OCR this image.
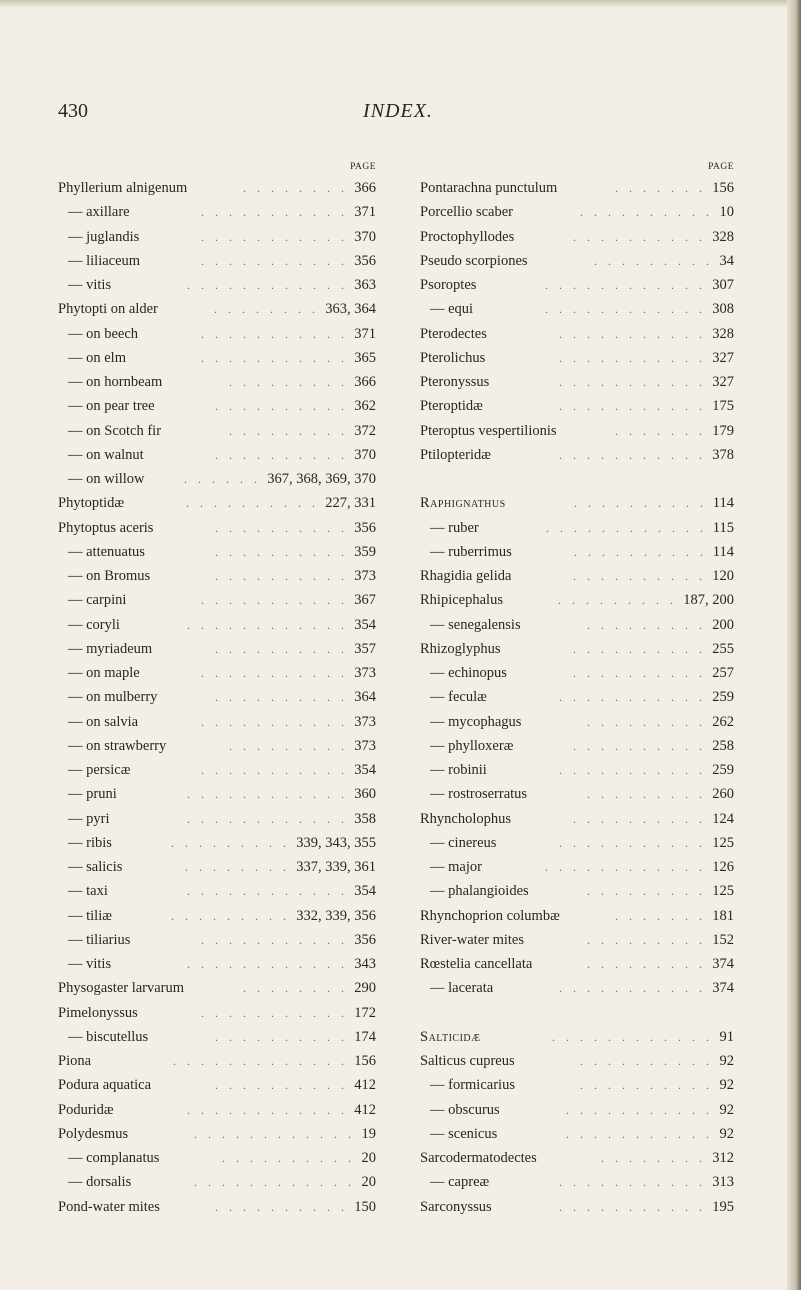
430	INDEX.
PAGE
Phyllerium alnigenum	. . . . . . . . 366
— axillare	. . . . . . . . . . . 371
— juglandis	. . . . . . . . . . . 370
— liliaceum	. . . . . . . . . . . 356
— vitis	. . . . . . . . . . . . 363
Phytopti on alder	. . . . . . . . 363, 364
— on beech	. . . . . . . . . . . 371
— on elm	. . . . . . . . . . . 365
— on hornbeam	. . . . . . . . . 366
— on pear tree	. . . . . . . . . . 362
— on Scotch fir	. . . . . . . . . 372
— on walnut	. . . . . . . . . . 370
— on willow	. . . . . . 367, 368, 369, 370
Phytoptidæ	. . . . . . . . . . 227, 331
Phytoptus aceris	. . . . . . . . . . 356
— attenuatus	. . . . . . . . . . 359
— on Bromus	. . . . . . . . . . 373
— carpini	. . . . . . . . . . . 367
— coryli	. . . . . . . . . . . . 354
— myriadeum	. . . . . . . . . . 357
— on maple	. . . . . . . . . . . 373
— on mulberry	. . . . . . . . . . 364
— on salvia	. . . . . . . . . . . 373
— on strawberry	. . . . . . . . . 373
— persicæ	. . . . . . . . . . . 354
— pruni	. . . . . . . . . . . . 360
— pyri	. . . . . . . . . . . . 358
— ribis	. . . . . . . . . 339, 343, 355
— salicis	. . . . . . . . 337, 339, 361
— taxi	. . . . . . . . . . . . 354
— tiliæ	. . . . . . . . . 332, 339, 356
— tiliarius	. . . . . . . . . . . 356
— vitis	. . . . . . . . . . . . 343
Physogaster larvarum	. . . . . . . . 290
Pimelonyssus	. . . . . . . . . . . 172
— biscutellus	. . . . . . . . . . 174
Piona	. . . . . . . . . . . . . 156
Podura aquatica	. . . . . . . . . . 412
Poduridæ	. . . . . . . . . . . . 412
Polydesmus	. . . . . . . . . . . . 19
— complanatus	. . . . . . . . . . 20
— dorsalis	. . . . . . . . . . . . 20
Pond-water mites	. . . . . . . . . . 150
PAGE
Pontarachna punctulum	. . . . . . . 156
Porcellio scaber	. . . . . . . . . . 10
Proctophyllodes	. . . . . . . . . . 328
Pseudo scorpiones	. . . . . . . . . 34
Psoroptes	. . . . . . . . . . . . 307
— equi	. . . . . . . . . . . . 308
Pterodectes	. . . . . . . . . . . 328
Pterolichus	. . . . . . . . . . . 327
Pteronyssus	. . . . . . . . . . . 327
Pteroptidæ	. . . . . . . . . . . 175
Pteroptus vespertilionis	. . . . . . . 179
Ptilopteridæ	. . . . . . . . . . . 378
Raphignathus	. . . . . . . . . . 114
— ruber	. . . . . . . . . . . . 115
— ruberrimus	. . . . . . . . . . 114
Rhagidia gelida	. . . . . . . . . . 120
Rhipicephalus	. . . . . . . . . 187, 200
— senegalensis	. . . . . . . . . 200
Rhizoglyphus	. . . . . . . . . . 255
— echinopus	. . . . . . . . . . 257
— feculæ	. . . . . . . . . . . 259
— mycophagus	. . . . . . . . . 262
— phylloxeræ	. . . . . . . . . . 258
— robinii	. . . . . . . . . . . 259
— rostroserratus	. . . . . . . . . 260
Rhyncholophus	. . . . . . . . . . 124
— cinereus	. . . . . . . . . . . 125
— major	. . . . . . . . . . . . 126
— phalangioides	. . . . . . . . . 125
Rhynchoprion columbæ	. . . . . . . 181
River-water mites	. . . . . . . . . 152
Rœstelia cancellata	. . . . . . . . . 374
— lacerata	. . . . . . . . . . . 374
Salticidæ	. . . . . . . . . . . . 91
Salticus cupreus	. . . . . . . . . . 92
— formicarius	. . . . . . . . . . 92
— obscurus	. . . . . . . . . . . 92
— scenicus	. . . . . . . . . . . 92
Sarcodermatodectes	. . . . . . . . 312
— capreæ	. . . . . . . . . . . 313
Sarconyssus	. . . . . . . . . . . 195
